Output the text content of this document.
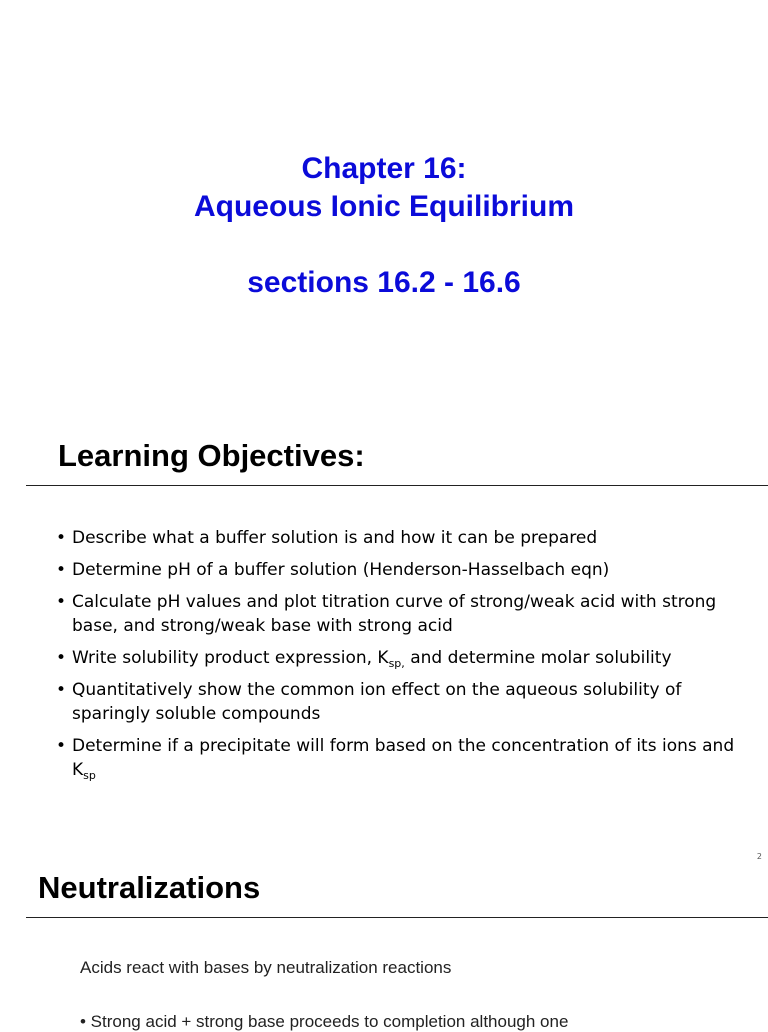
Chapter 16:
Aqueous Ionic Equilibrium
sections 16.2 - 16.6
Learning Objectives:
• Describe what a buffer solution is and how it can be prepared
• Determine pH of a buffer solution (Henderson-Hasselbach eqn)
• Calculate pH values and plot titration curve of strong/weak acid with strong base, and strong/weak base with strong acid
• Write solubility product expression, $K_{sp,}$ and determine molar solubility
• Quantitatively show the common ion effect on the aqueous solubility of sparingly soluble compounds
• Determine if a precipitate will form based on the concentration of its ions and $K_{sp}$
2
Neutralizations
Acids react with bases by neutralization reactions
• Strong acid + strong base proceeds to completion although one
